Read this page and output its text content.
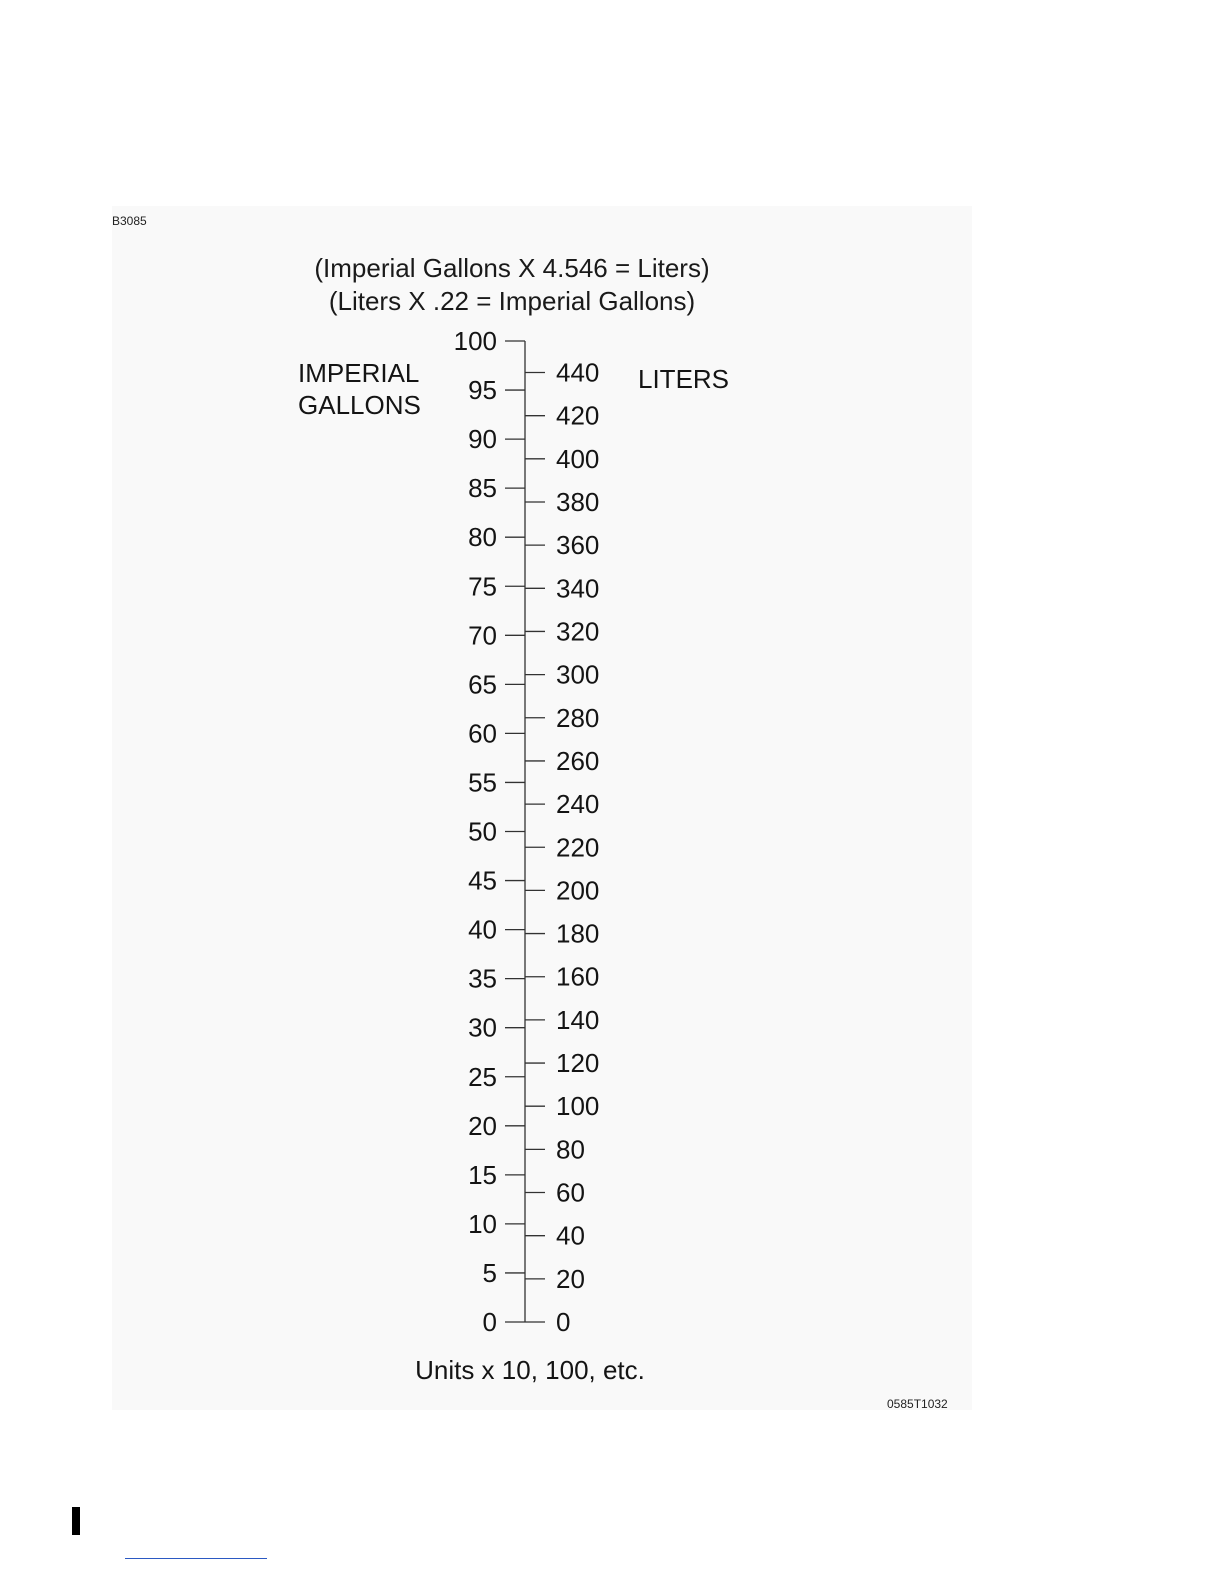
B3085
(Imperial Gallons X 4.546 = Liters)
(Liters X .22 = Imperial Gallons)
IMPERIAL
GALLONS
LITERS
100
95
90
85
80
75
70
65
60
55
50
45
40
35
30
25
20
15
10
5
0
440
420
400
380
360
340
320
300
280
260
240
220
200
180
160
140
120
100
80
60
40
20
0
Units x 10, 100, etc.
0585T1032
